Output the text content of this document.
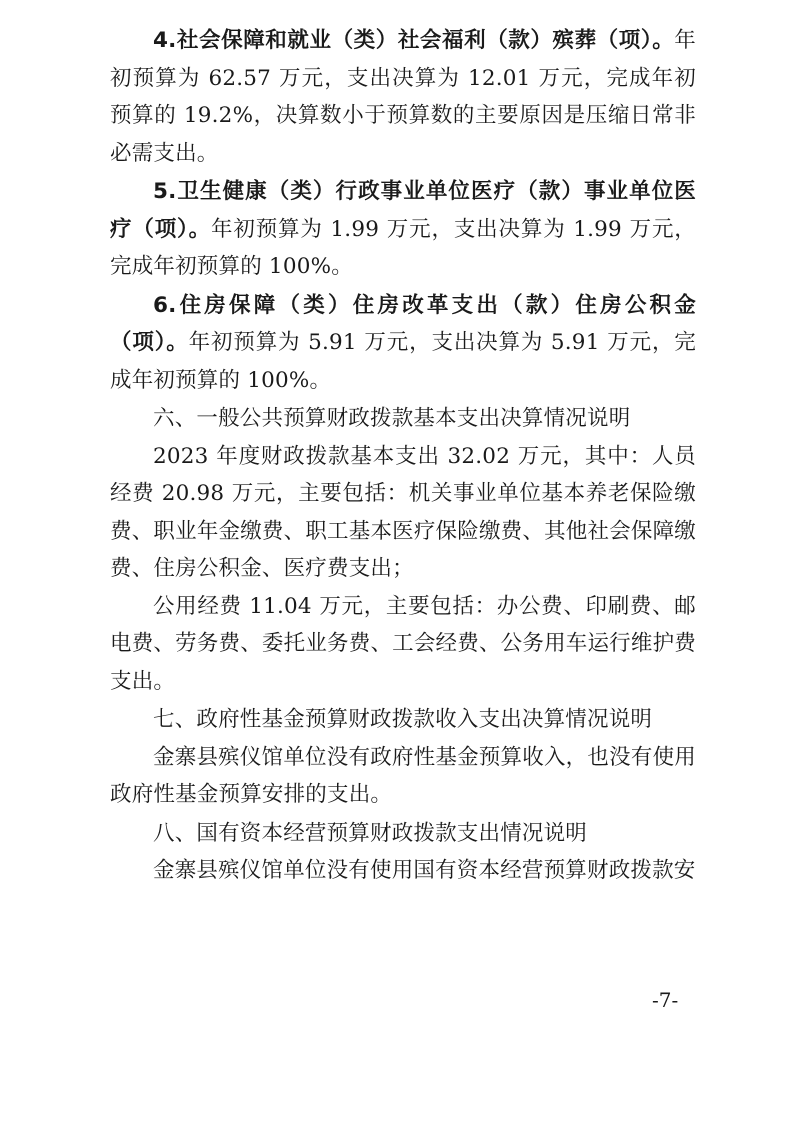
4.社会保障和就业（类）社会福利（款）殡葬（项）。年初预算为 62.57 万元，支出决算为 12.01 万元，完成年初预算的 19.2%，决算数小于预算数的主要原因是压缩日常非必需支出。

5.卫生健康（类）行政事业单位医疗（款）事业单位医疗（项）。年初预算为 1.99 万元，支出决算为 1.99 万元，完成年初预算的 100%。

6.住房保障（类）住房改革支出（款）住房公积金（项）。年初预算为 5.91 万元，支出决算为 5.91 万元，完成年初预算的 100%。

六、一般公共预算财政拨款基本支出决算情况说明

2023 年度财政拨款基本支出 32.02 万元，其中：人员经费 20.98 万元，主要包括：机关事业单位基本养老保险缴费、职业年金缴费、职工基本医疗保险缴费、其他社会保障缴费、住房公积金、医疗费支出；

公用经费 11.04 万元，主要包括：办公费、印刷费、邮电费、劳务费、委托业务费、工会经费、公务用车运行维护费支出。

七、政府性基金预算财政拨款收入支出决算情况说明

金寨县殡仪馆单位没有政府性基金预算收入，也没有使用政府性基金预算安排的支出。

八、国有资本经营预算财政拨款支出情况说明

金寨县殡仪馆单位没有使用国有资本经营预算财政拨款安

-7-
